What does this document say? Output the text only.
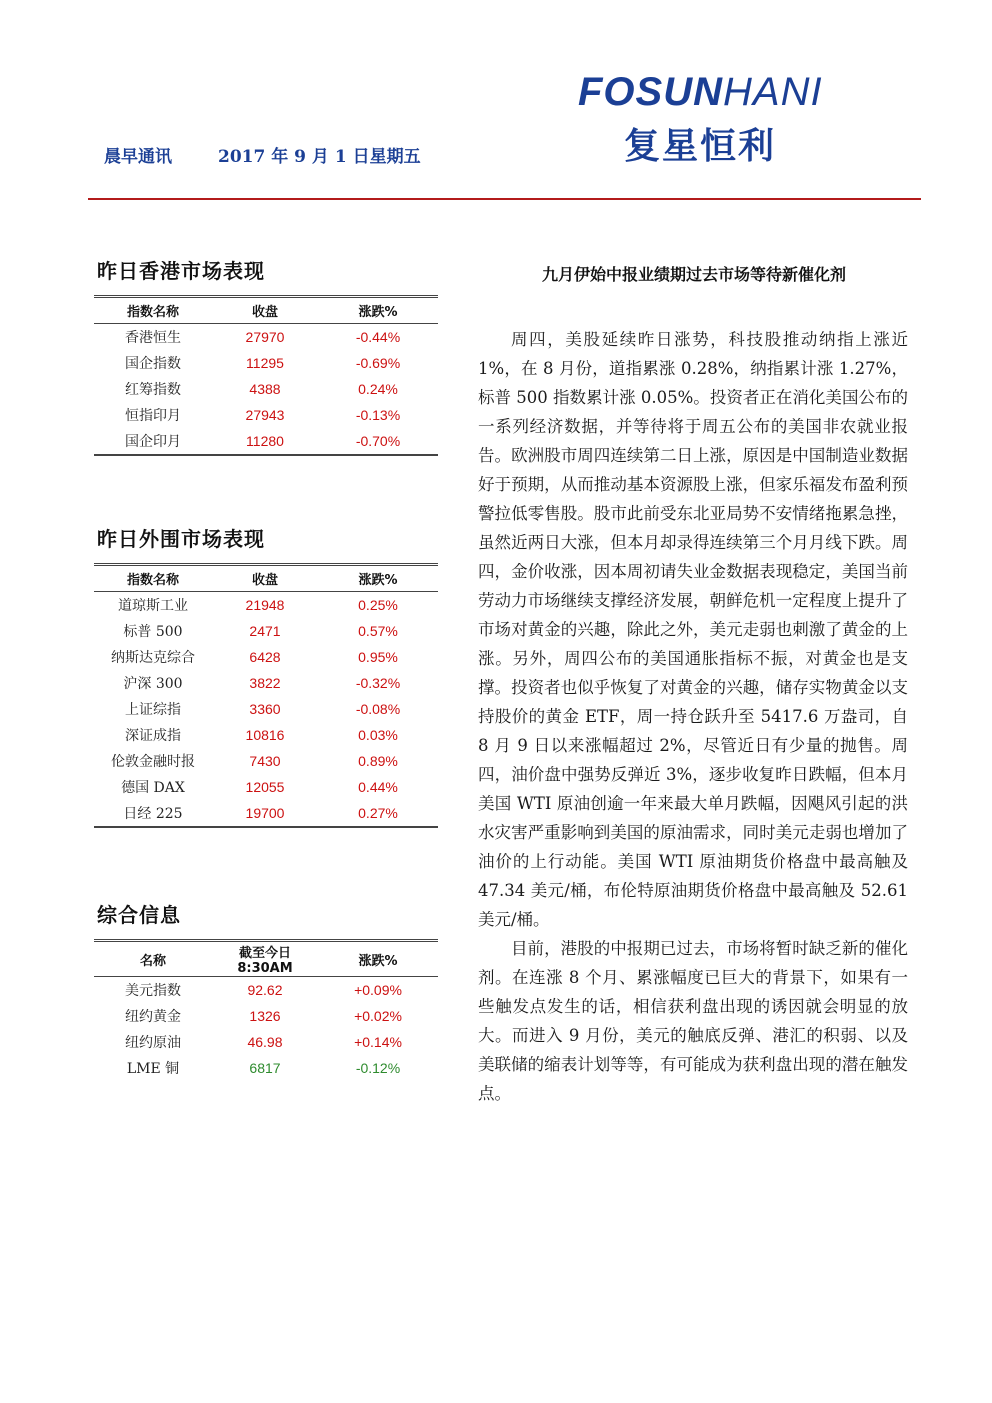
FOSUNHANI
复星恒利
晨早通讯	2017 年 9 月 1 日星期五
昨日香港市场表现
指数名称	收盘	涨跌%
香港恒生	27970	-0.44%
国企指数	11295	-0.69%
红筹指数	4388	0.24%
恒指印月	27943	-0.13%
国企印月	11280	-0.70%
昨日外围市场表现
指数名称	收盘	涨跌%
道琼斯工业	21948	0.25%
标普 500	2471	0.57%
纳斯达克综合	6428	0.95%
沪深 300	3822	-0.32%
上证综指	3360	-0.08%
深证成指	10816	0.03%
伦敦金融时报	7430	0.89%
德国 DAX	12055	0.44%
日经 225	19700	0.27%
综合信息
名称	截至今日 8:30AM	涨跌%
美元指数	92.62	+0.09%
纽约黄金	1326	+0.02%
纽约原油	46.98	+0.14%
LME 铜	6817	-0.12%
九月伊始中报业绩期过去市场等待新催化剂

周四，美股延续昨日涨势，科技股推动纳指上涨近 1%，在 8 月份，道指累涨 0.28%，纳指累计涨 1.27%，标普 500 指数累计涨 0.05%。投资者正在消化美国公布的一系列经济数据，并等待将于周五公布的美国非农就业报告。欧洲股市周四连续第二日上涨，原因是中国制造业数据好于预期，从而推动基本资源股上涨，但家乐福发布盈利预警拉低零售股。股市此前受东北亚局势不安情绪拖累急挫，虽然近两日大涨，但本月却录得连续第三个月月线下跌。周四，金价收涨，因本周初请失业金数据表现稳定，美国当前劳动力市场继续支撑经济发展，朝鲜危机一定程度上提升了市场对黄金的兴趣，除此之外，美元走弱也刺激了黄金的上涨。另外，周四公布的美国通胀指标不振，对黄金也是支撑。投资者也似乎恢复了对黄金的兴趣，储存实物黄金以支持股价的黄金 ETF，周一持仓跃升至 5417.6 万盎司，自 8 月 9 日以来涨幅超过 2%，尽管近日有少量的抛售。周四，油价盘中强势反弹近 3%，逐步收复昨日跌幅，但本月美国 WTI 原油创逾一年来最大单月跌幅，因飓风引起的洪水灾害严重影响到美国的原油需求，同时美元走弱也增加了油价的上行动能。美国 WTI 原油期货价格盘中最高触及 47.34 美元/桶，布伦特原油期货价格盘中最高触及 52.61 美元/桶。

目前，港股的中报期已过去，市场将暂时缺乏新的催化剂。在连涨 8 个月、累涨幅度已巨大的背景下，如果有一些触发点发生的话，相信获利盘出现的诱因就会明显的放大。而进入 9 月份，美元的触底反弹、港汇的积弱、以及美联储的缩表计划等等，有可能成为获利盘出现的潜在触发点。
